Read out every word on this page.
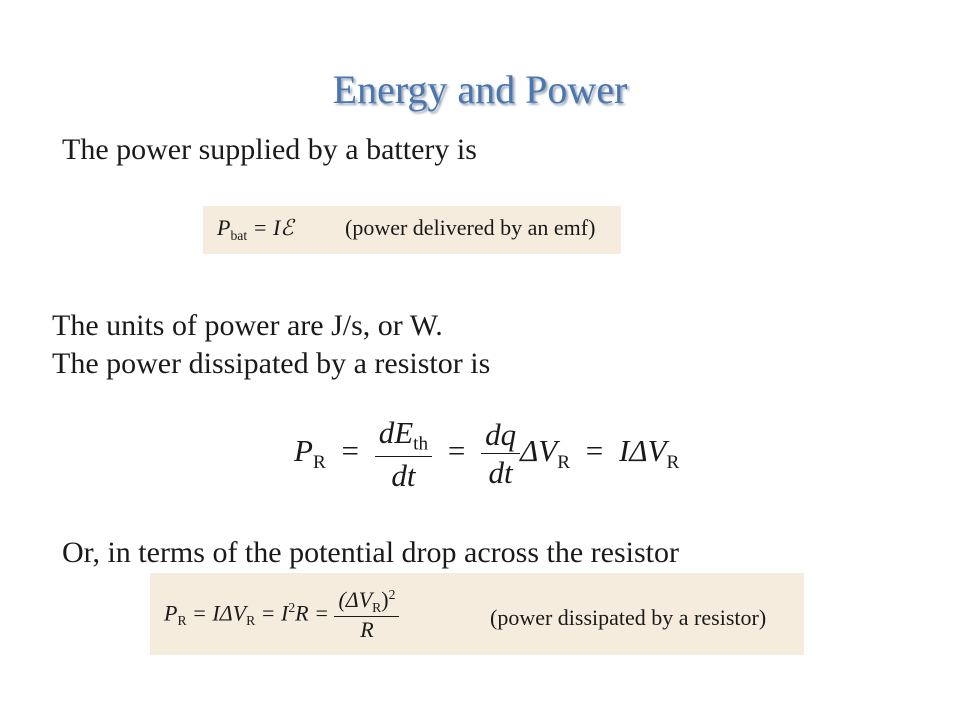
Energy and Power
The power supplied by a battery is
$P_{bat}$ = Iℰ (power delivered by an emf)
The units of power are J/s, or W.
The power dissipated by a resistor is
$P_R = \frac{dE_{th}}{dt} = \frac{dq}{dt} \Delta V_R = I\Delta V_R$
Or, in terms of the potential drop across the resistor
$P_R = I\Delta V_R = I^2R = \frac{(\Delta V_R)^2}{R}$	(power dissipated by a resistor)
